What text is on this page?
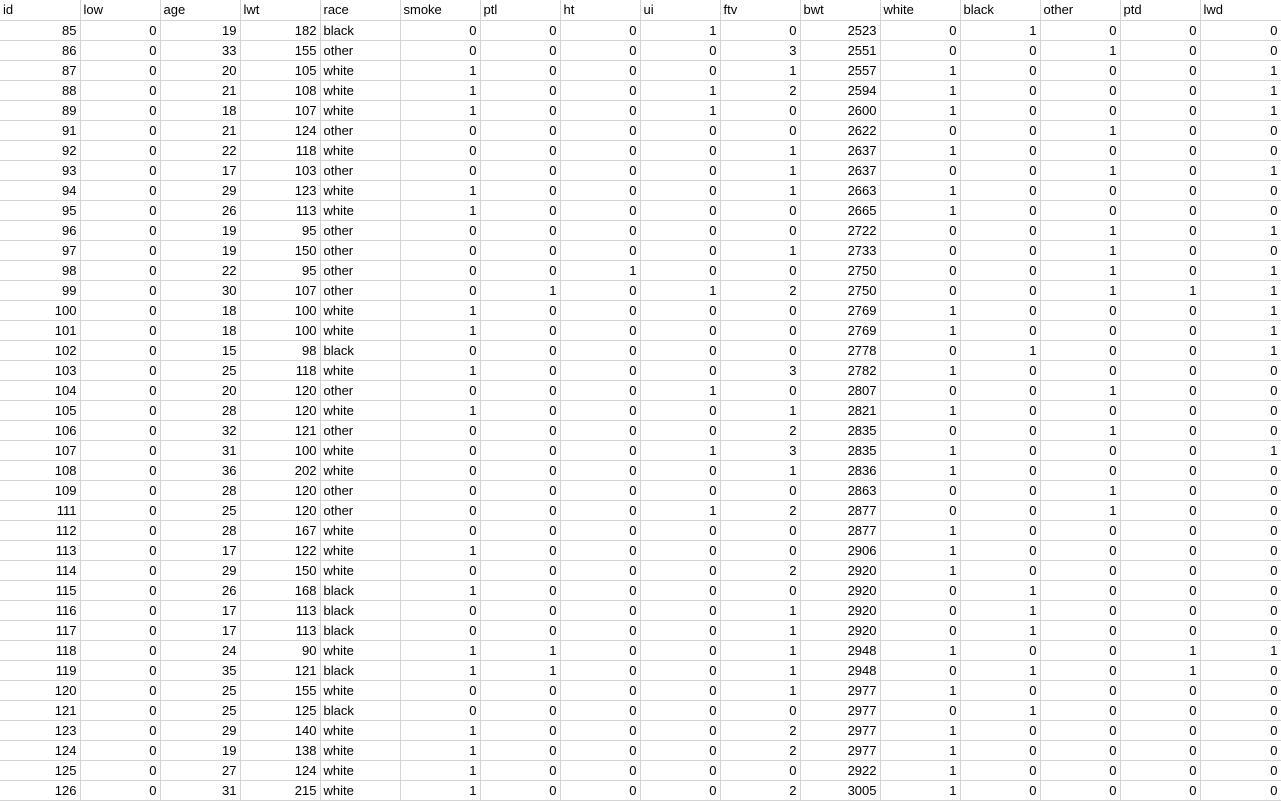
id	low	age	lwt	race	smoke	ptl	ht	ui	ftv	bwt	white	black	other	ptd	lwd
85	0	19	182	black	0	0	0	1	0	2523	0	1	0	0	0
86	0	33	155	other	0	0	0	0	3	2551	0	0	1	0	0
87	0	20	105	white	1	0	0	0	1	2557	1	0	0	0	1
88	0	21	108	white	1	0	0	1	2	2594	1	0	0	0	1
89	0	18	107	white	1	0	0	1	0	2600	1	0	0	0	1
91	0	21	124	other	0	0	0	0	0	2622	0	0	1	0	0
92	0	22	118	white	0	0	0	0	1	2637	1	0	0	0	0
93	0	17	103	other	0	0	0	0	1	2637	0	0	1	0	1
94	0	29	123	white	1	0	0	0	1	2663	1	0	0	0	0
95	0	26	113	white	1	0	0	0	0	2665	1	0	0	0	0
96	0	19	95	other	0	0	0	0	0	2722	0	0	1	0	1
97	0	19	150	other	0	0	0	0	1	2733	0	0	1	0	0
98	0	22	95	other	0	0	1	0	0	2750	0	0	1	0	1
99	0	30	107	other	0	1	0	1	2	2750	0	0	1	1	1
100	0	18	100	white	1	0	0	0	0	2769	1	0	0	0	1
101	0	18	100	white	1	0	0	0	0	2769	1	0	0	0	1
102	0	15	98	black	0	0	0	0	0	2778	0	1	0	0	1
103	0	25	118	white	1	0	0	0	3	2782	1	0	0	0	0
104	0	20	120	other	0	0	0	1	0	2807	0	0	1	0	0
105	0	28	120	white	1	0	0	0	1	2821	1	0	0	0	0
106	0	32	121	other	0	0	0	0	2	2835	0	0	1	0	0
107	0	31	100	white	0	0	0	1	3	2835	1	0	0	0	1
108	0	36	202	white	0	0	0	0	1	2836	1	0	0	0	0
109	0	28	120	other	0	0	0	0	0	2863	0	0	1	0	0
111	0	25	120	other	0	0	0	1	2	2877	0	0	1	0	0
112	0	28	167	white	0	0	0	0	0	2877	1	0	0	0	0
113	0	17	122	white	1	0	0	0	0	2906	1	0	0	0	0
114	0	29	150	white	0	0	0	0	2	2920	1	0	0	0	0
115	0	26	168	black	1	0	0	0	0	2920	0	1	0	0	0
116	0	17	113	black	0	0	0	0	1	2920	0	1	0	0	0
117	0	17	113	black	0	0	0	0	1	2920	0	1	0	0	0
118	0	24	90	white	1	1	0	0	1	2948	1	0	0	1	1
119	0	35	121	black	1	1	0	0	1	2948	0	1	0	1	0
120	0	25	155	white	0	0	0	0	1	2977	1	0	0	0	0
121	0	25	125	black	0	0	0	0	0	2977	0	1	0	0	0
123	0	29	140	white	1	0	0	0	2	2977	1	0	0	0	0
124	0	19	138	white	1	0	0	0	2	2977	1	0	0	0	0
125	0	27	124	white	1	0	0	0	0	2922	1	0	0	0	0
126	0	31	215	white	1	0	0	0	2	3005	1	0	0	0	0
